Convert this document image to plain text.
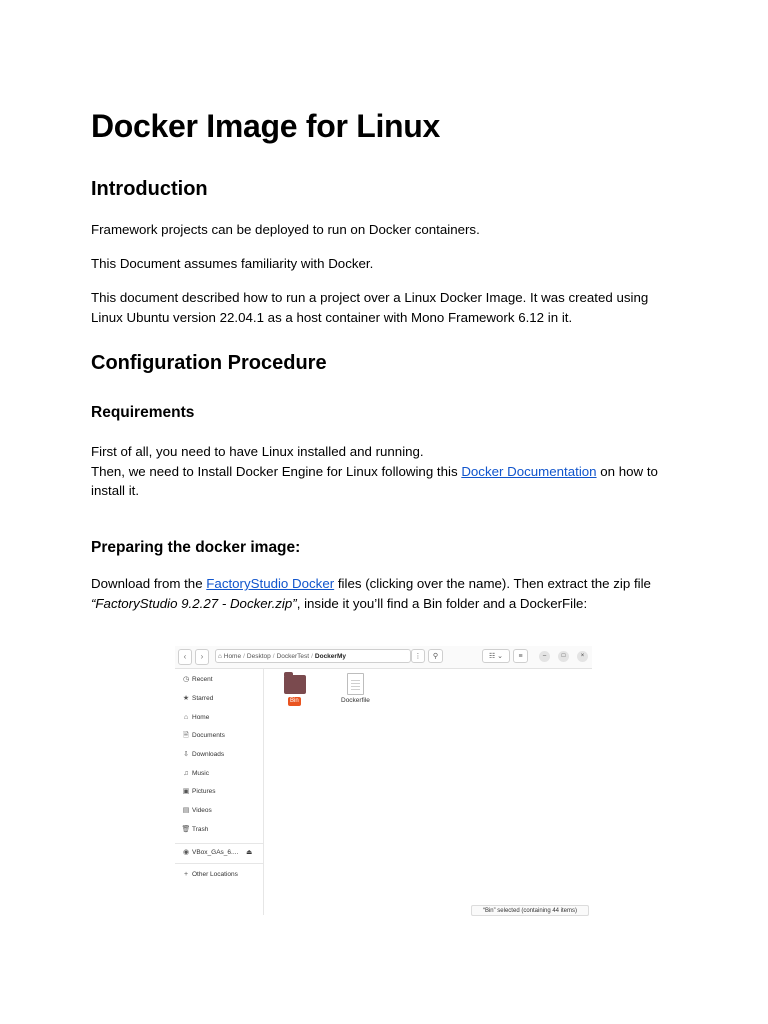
Docker Image for Linux
Introduction

Framework projects can be deployed to run on Docker containers.

This Document assumes familiarity with Docker.

This document described how to run a project over a Linux Docker Image. It was created using Linux Ubuntu version 22.04.1 as a host container with Mono Framework 6.12 in it.

Configuration Procedure
Requirements

First of all, you need to have Linux installed and running.
Then, we need to Install Docker Engine for Linux following this Docker Documentation on how to install it.

Preparing the docker image:

Download from the FactoryStudio Docker files (clicking over the name). Then extract the zip file “FactoryStudio 9.2.27 - Docker.zip”, inside it you’ll find a Bin folder and a DockerFile:

‹	›	⌂ Home / Desktop / DockerTest / DockerMy	⋮	⚲	☷ ⌄	≡	–	□	×
◷ Recent
★ Starred
⌂ Home
🗎 Documents
⇩ Downloads
♫ Music
▣ Pictures
▤ Videos
🗑 Trash
◉ VBox_GAs_6.... ⏏
+ Other Locations
Bin	Dockerfile
“Bin” selected (containing 44 items)
